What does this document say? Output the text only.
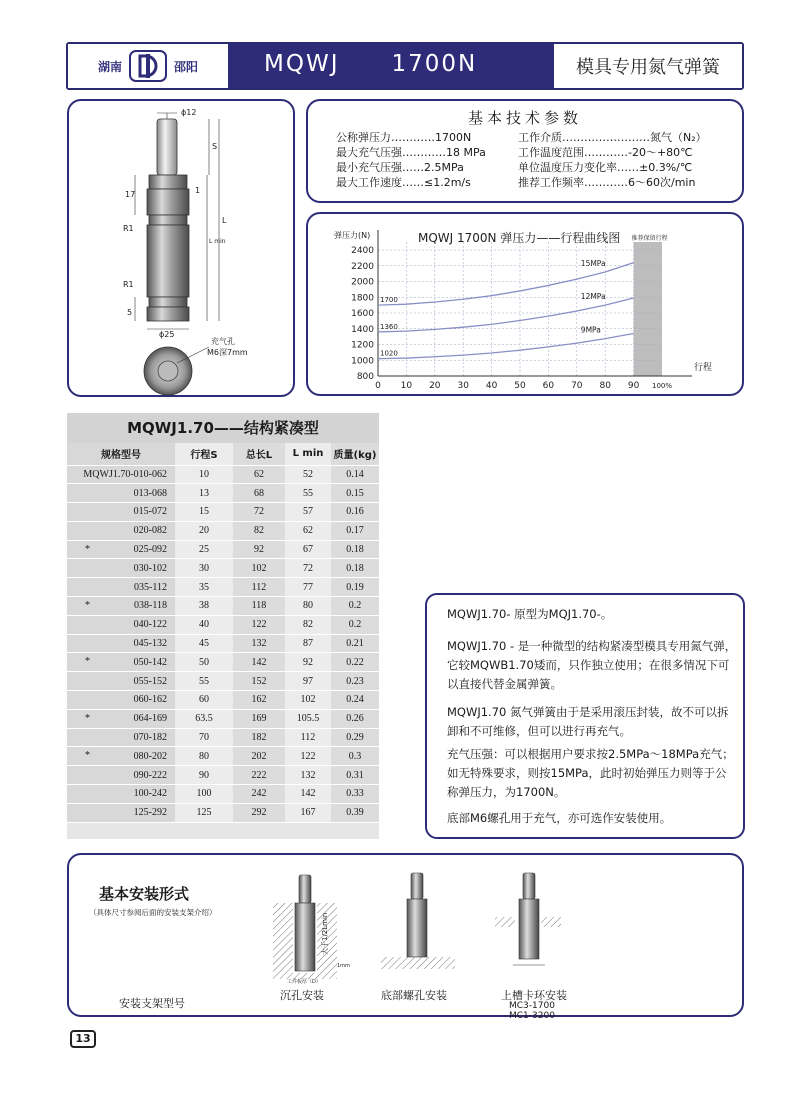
湖南	邵阳	MQWJ 1700N	模具专用氮气弹簧
ϕ12
S
L
L min
17	1
R1
R1
5
ϕ25
充气孔
M6深7mm
基本技术参数
公称弹压力…………1700N
最大充气压强…………18 MPa
最小充气压强……2.5MPa
最大工作速度……≤1.2m/s
工作介质……………………氮气（N₂）
工作温度范围…………-20～+80℃
单位温度压力变化率……±0.3%/℃
推荐工作频率…………6～60次/min
推荐保留行程
800
1000
1200
1400
1600
1800
2000
2200
2400
0 10 20 30 40 50 60 70 80 90 100%
弹压力(N)
行程
MQWJ 1700N 弹压力——行程曲线图
1700
15MPa
1360
12MPa
1020
9MPa
MQWJ1.70——结构紧凑型
规格型号	行程S	总长L	L min	质量(kg)

MQWJ1.70-010-062	10	62	52	0.14

013-068	13	68	55	0.15

015-072	15	72	57	0.16

020-082	20	82	62	0.17

* 025-092	25	92	67	0.18

030-102	30	102	72	0.18

035-112	35	112	77	0.19

* 038-118	38	118	80	0.2

040-122	40	122	82	0.2

045-132	45	132	87	0.21

* 050-142	50	142	92	0.22

055-152	55	152	97	0.23

060-162	60	162	102	0.24

* 064-169	63.5	169	105.5	0.26

070-182	70	182	112	0.29

* 080-202	80	202	122	0.3

090-222	90	222	132	0.31

100-242	100	242	142	0.33

125-292	125	292	167	0.39

MQWJ1.70- 原型为MQJ1.70-。

MQWJ1.70 - 是一种微型的结构紧凑型模具专用氮气弹，它较MQWB1.70矮而，只作独立使用；在很多情况下可以直接代替金属弹簧。

MQWJ1.70 氮气弹簧由于是采用滚压封装，故不可以拆卸和不可维修，但可以进行再充气。

充气压强：可以根据用户要求按2.5MPa～18MPa充气；如无特殊要求，则按15MPa，此时初始弹压力则等于公称弹压力，为1700N。

底部M6螺孔用于充气，亦可选作安装使用。

基本安装形式
（具体尺寸参阅后面的安装支架介绍）
安装支架型号
大于1/2Lmin
1mm
工件板厚（D）
沉孔安装	底部螺孔安装	上槽卡环安装
MC3-1700
MC1-3200
13
